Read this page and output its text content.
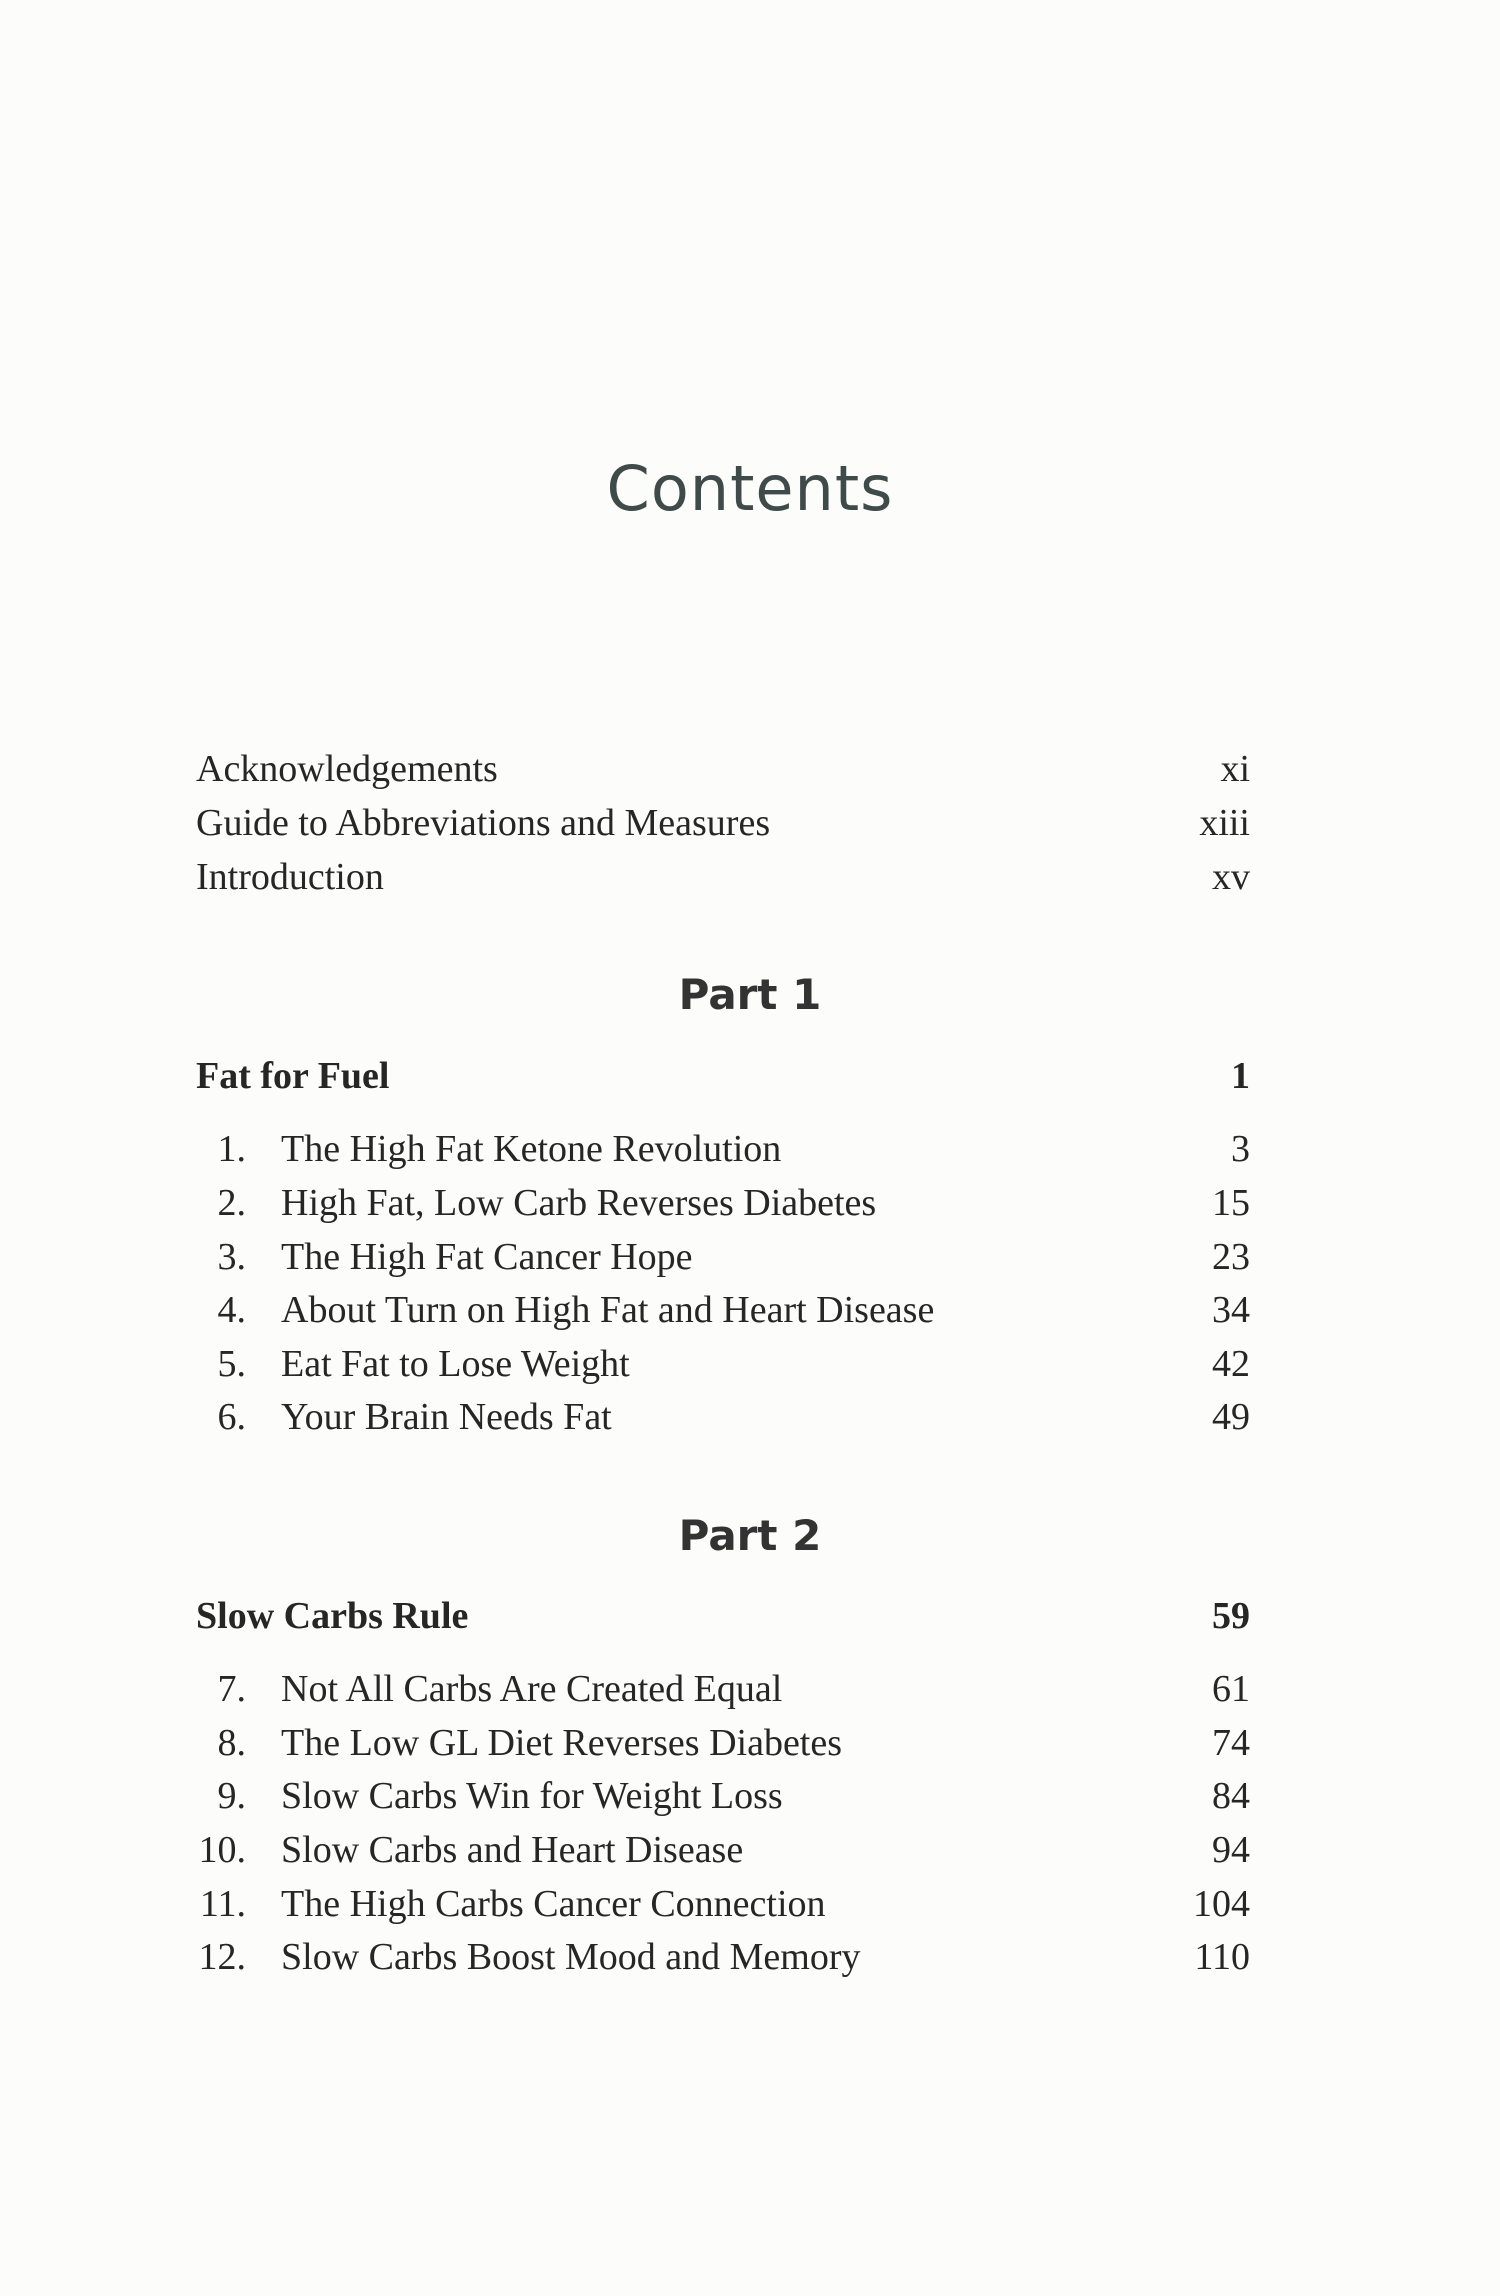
Contents
Acknowledgements	xi
Guide to Abbreviations and Measures	xiii
Introduction	xv
Part 1
Fat for Fuel	1
1. The High Fat Ketone Revolution	3
2. High Fat, Low Carb Reverses Diabetes	15
3. The High Fat Cancer Hope	23
4. About Turn on High Fat and Heart Disease	34
5. Eat Fat to Lose Weight	42
6. Your Brain Needs Fat	49
Part 2
Slow Carbs Rule	59
7. Not All Carbs Are Created Equal	61
8. The Low GL Diet Reverses Diabetes	74
9. Slow Carbs Win for Weight Loss	84
10. Slow Carbs and Heart Disease	94
11. The High Carbs Cancer Connection	104
12. Slow Carbs Boost Mood and Memory	110
